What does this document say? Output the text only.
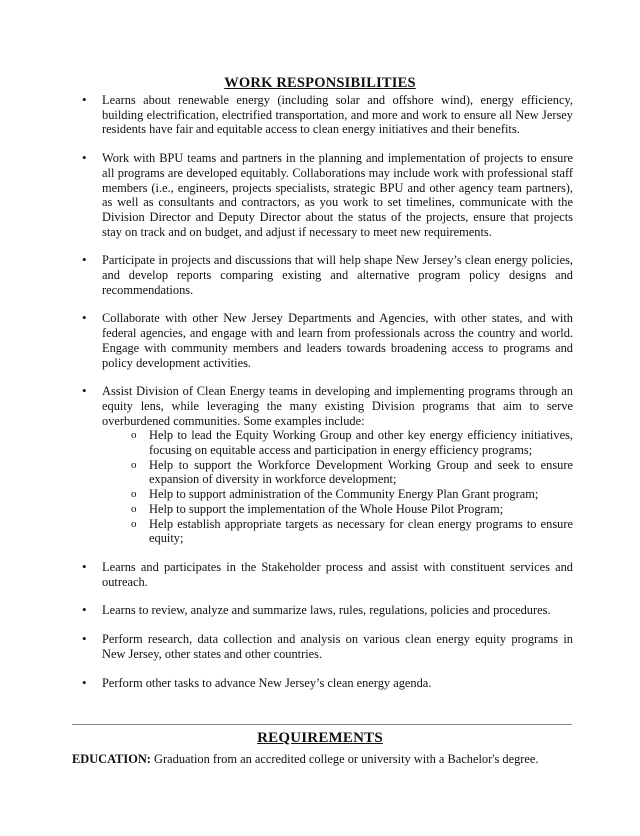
WORK RESPONSIBILITIES
• Learns about renewable energy (including solar and offshore wind), energy efficiency, building electrification, electrified transportation, and more and work to ensure all New Jersey residents have fair and equitable access to clean energy initiatives and their benefits.
• Work with BPU teams and partners in the planning and implementation of projects to ensure all programs are developed equitably. Collaborations may include work with professional staff members (i.e., engineers, projects specialists, strategic BPU and other agency team partners), as well as consultants and contractors, as you work to set timelines, communicate with the Division Director and Deputy Director about the status of the projects, ensure that projects stay on track and on budget, and adjust if necessary to meet new requirements.
• Participate in projects and discussions that will help shape New Jersey’s clean energy policies, and develop reports comparing existing and alternative program policy designs and recommendations.
• Collaborate with other New Jersey Departments and Agencies, with other states, and with federal agencies, and engage with and learn from professionals across the country and world. Engage with community members and leaders towards broadening access to programs and policy development activities.
• Assist Division of Clean Energy teams in developing and implementing programs through an equity lens, while leveraging the many existing Division programs that aim to serve overburdened communities. Some examples include:
o Help to lead the Equity Working Group and other key energy efficiency initiatives, focusing on equitable access and participation in energy efficiency programs;
o Help to support the Workforce Development Working Group and seek to ensure expansion of diversity in workforce development;
o Help to support administration of the Community Energy Plan Grant program;
o Help to support the implementation of the Whole House Pilot Program;
o Help establish appropriate targets as necessary for clean energy programs to ensure equity;
• Learns and participates in the Stakeholder process and assist with constituent services and outreach.
• Learns to review, analyze and summarize laws, rules, regulations, policies and procedures.
• Perform research, data collection and analysis on various clean energy equity programs in New Jersey, other states and other countries.
• Perform other tasks to advance New Jersey’s clean energy agenda.
REQUIREMENTS
EDUCATION: Graduation from an accredited college or university with a Bachelor's degree.
